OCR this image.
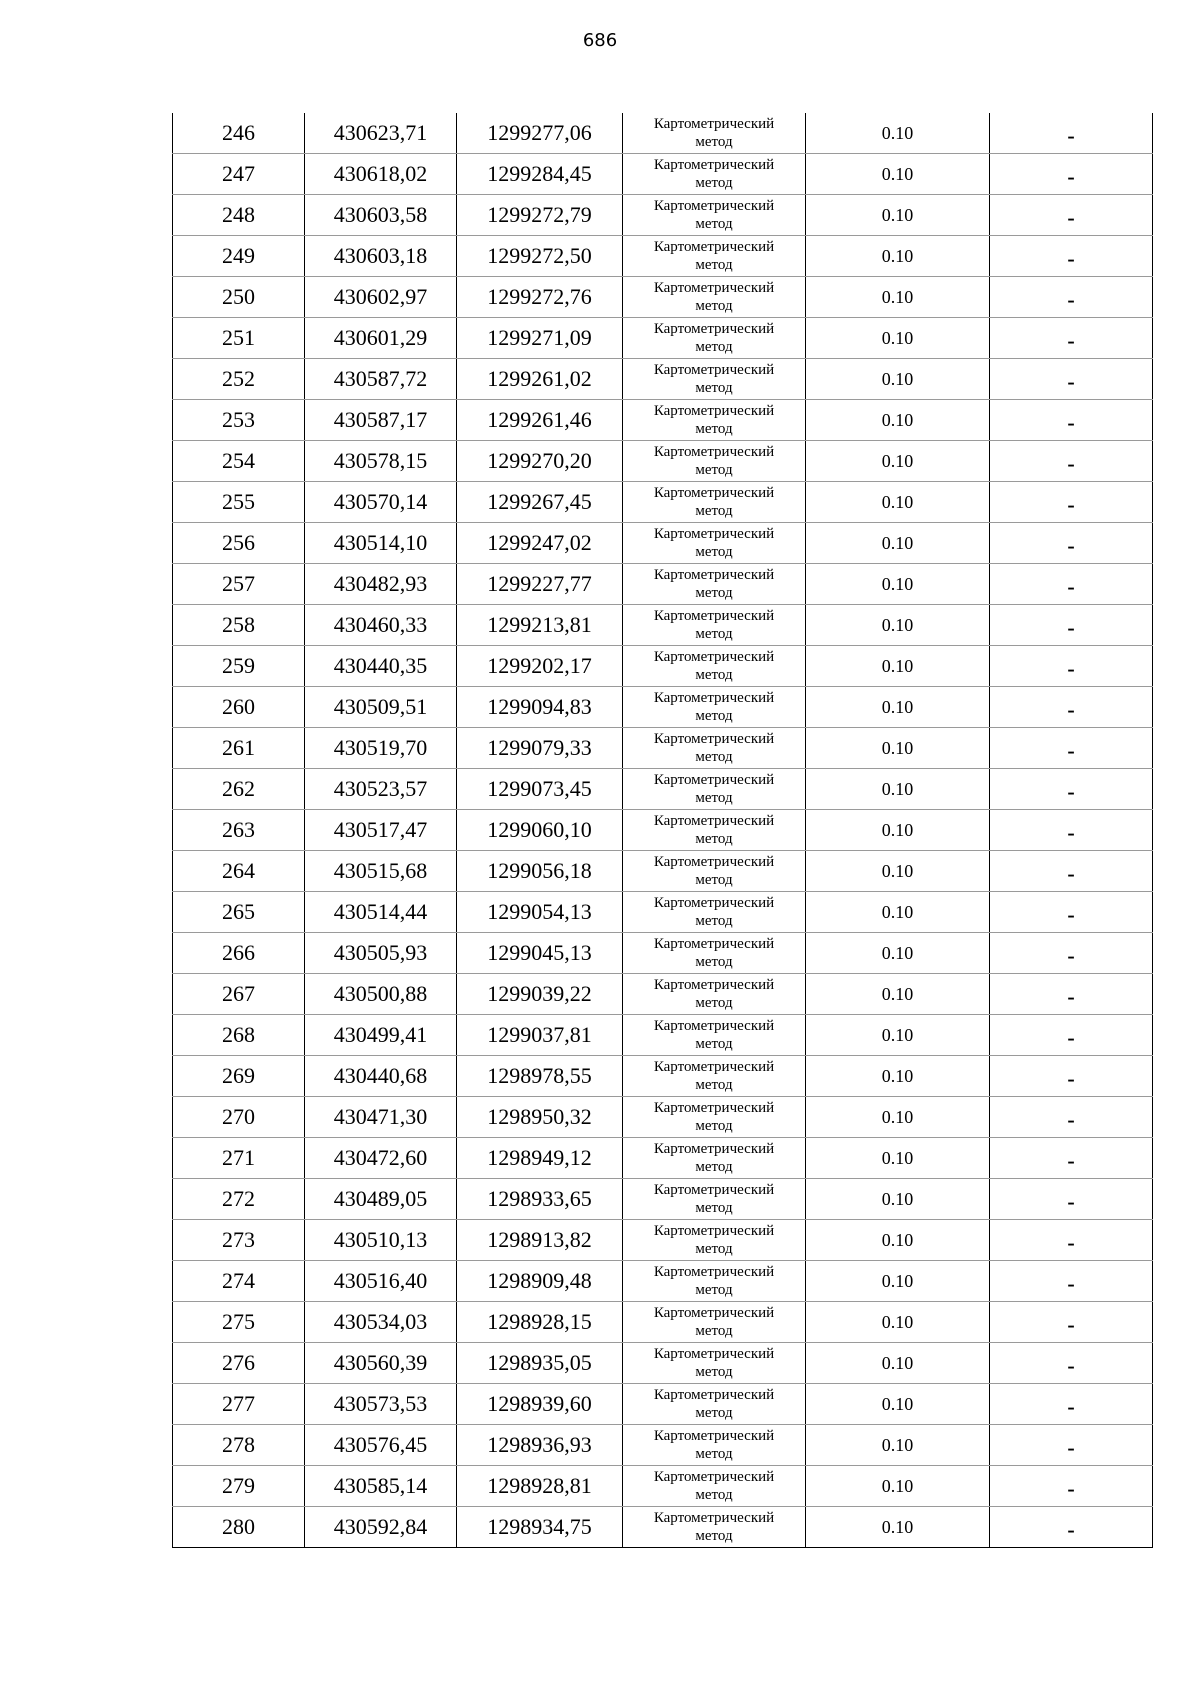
686
246	430623,71	1299277,06	Картометрический
метод	0.10	-
247	430618,02	1299284,45	Картометрический
метод	0.10	-
248	430603,58	1299272,79	Картометрический
метод	0.10	-
249	430603,18	1299272,50	Картометрический
метод	0.10	-
250	430602,97	1299272,76	Картометрический
метод	0.10	-
251	430601,29	1299271,09	Картометрический
метод	0.10	-
252	430587,72	1299261,02	Картометрический
метод	0.10	-
253	430587,17	1299261,46	Картометрический
метод	0.10	-
254	430578,15	1299270,20	Картометрический
метод	0.10	-
255	430570,14	1299267,45	Картометрический
метод	0.10	-
256	430514,10	1299247,02	Картометрический
метод	0.10	-
257	430482,93	1299227,77	Картометрический
метод	0.10	-
258	430460,33	1299213,81	Картометрический
метод	0.10	-
259	430440,35	1299202,17	Картометрический
метод	0.10	-
260	430509,51	1299094,83	Картометрический
метод	0.10	-
261	430519,70	1299079,33	Картометрический
метод	0.10	-
262	430523,57	1299073,45	Картометрический
метод	0.10	-
263	430517,47	1299060,10	Картометрический
метод	0.10	-
264	430515,68	1299056,18	Картометрический
метод	0.10	-
265	430514,44	1299054,13	Картометрический
метод	0.10	-
266	430505,93	1299045,13	Картометрический
метод	0.10	-
267	430500,88	1299039,22	Картометрический
метод	0.10	-
268	430499,41	1299037,81	Картометрический
метод	0.10	-
269	430440,68	1298978,55	Картометрический
метод	0.10	-
270	430471,30	1298950,32	Картометрический
метод	0.10	-
271	430472,60	1298949,12	Картометрический
метод	0.10	-
272	430489,05	1298933,65	Картометрический
метод	0.10	-
273	430510,13	1298913,82	Картометрический
метод	0.10	-
274	430516,40	1298909,48	Картометрический
метод	0.10	-
275	430534,03	1298928,15	Картометрический
метод	0.10	-
276	430560,39	1298935,05	Картометрический
метод	0.10	-
277	430573,53	1298939,60	Картометрический
метод	0.10	-
278	430576,45	1298936,93	Картометрический
метод	0.10	-
279	430585,14	1298928,81	Картометрический
метод	0.10	-
280	430592,84	1298934,75	Картометрический
метод	0.10	-
